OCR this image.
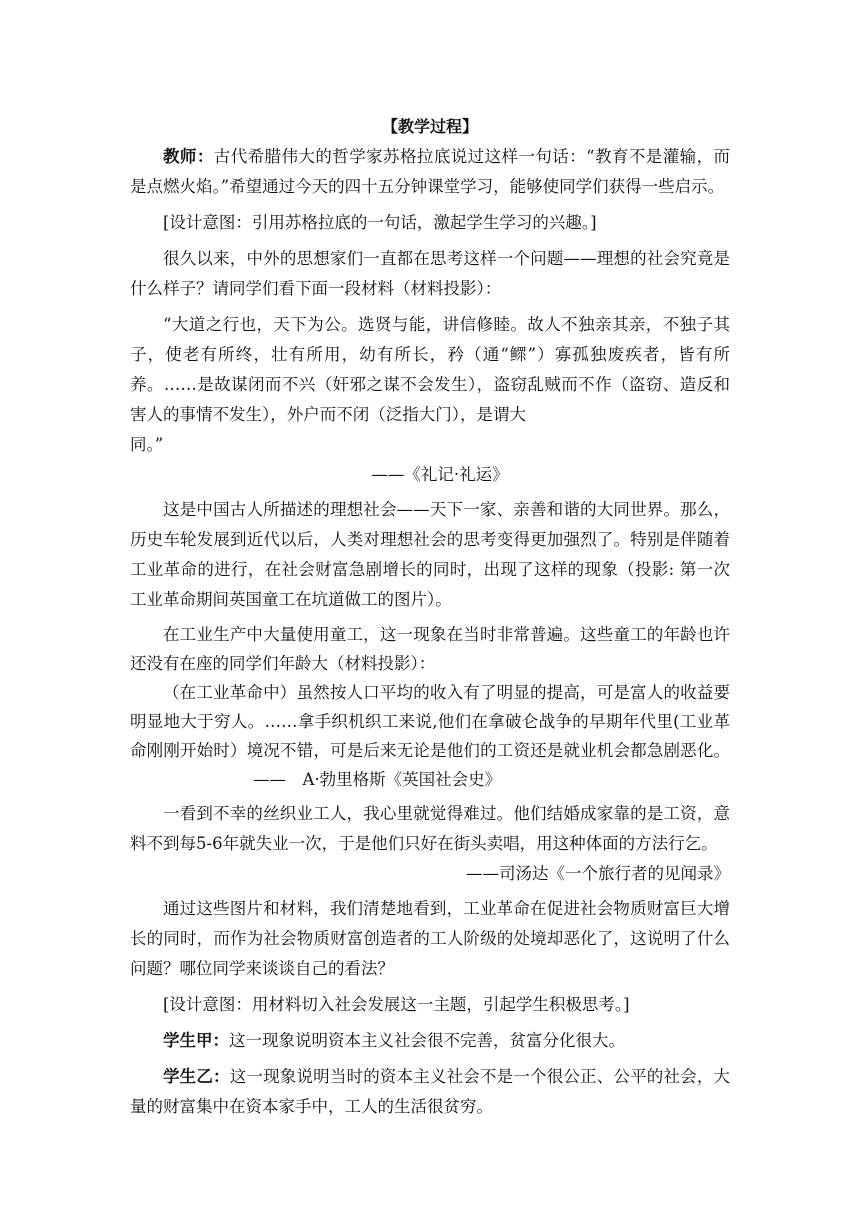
【教学过程】

教师：古代希腊伟大的哲学家苏格拉底说过这样一句话：“教育不是灌输，而是点燃火焰。”希望通过今天的四十五分钟课堂学习，能够使同学们获得一些启示。

[设计意图：引用苏格拉底的一句话，激起学生学习的兴趣。]

很久以来，中外的思想家们一直都在思考这样一个问题——理想的社会究竟是什么样子？请同学们看下面一段材料（材料投影）：

“大道之行也，天下为公。选贤与能，讲信修睦。故人不独亲其亲，不独子其子，使老有所终，壮有所用，幼有所长，矜（通“鳏”）寡孤独废疾者，皆有所养。……是故谋闭而不兴（奸邪之谋不会发生），盗窃乱贼而不作（盗窃、造反和害人的事情不发生），外户而不闭（泛指大门），是谓大

同。”

——《礼记·礼运》

这是中国古人所描述的理想社会——天下一家、亲善和谐的大同世界。那么，历史车轮发展到近代以后，人类对理想社会的思考变得更加强烈了。特别是伴随着工业革命的进行，在社会财富急剧增长的同时，出现了这样的现象（投影: 第一次工业革命期间英国童工在坑道做工的图片）。

在工业生产中大量使用童工，这一现象在当时非常普遍。这些童工的年龄也许还没有在座的同学们年龄大（材料投影）：

（在工业革命中）虽然按人口平均的收入有了明显的提高，可是富人的收益要明显地大于穷人。……拿手织机织工来说,他们在拿破仑战争的早期年代里(工业革命刚刚开始时）境况不错，可是后来无论是他们的工资还是就业机会都急剧恶化。——　A·勃里格斯《英国社会史》

一看到不幸的丝织业工人，我心里就觉得难过。他们结婚成家靠的是工资，意料不到每5-6年就失业一次，于是他们只好在街头卖唱，用这种体面的方法行乞。

——司汤达《一个旅行者的见闻录》

通过这些图片和材料，我们清楚地看到，工业革命在促进社会物质财富巨大增长的同时，而作为社会物质财富创造者的工人阶级的处境却恶化了，这说明了什么问题？哪位同学来谈谈自己的看法？

[设计意图：用材料切入社会发展这一主题，引起学生积极思考。]

学生甲：这一现象说明资本主义社会很不完善，贫富分化很大。

学生乙：这一现象说明当时的资本主义社会不是一个很公正、公平的社会，大量的财富集中在资本家手中，工人的生活很贫穷。
